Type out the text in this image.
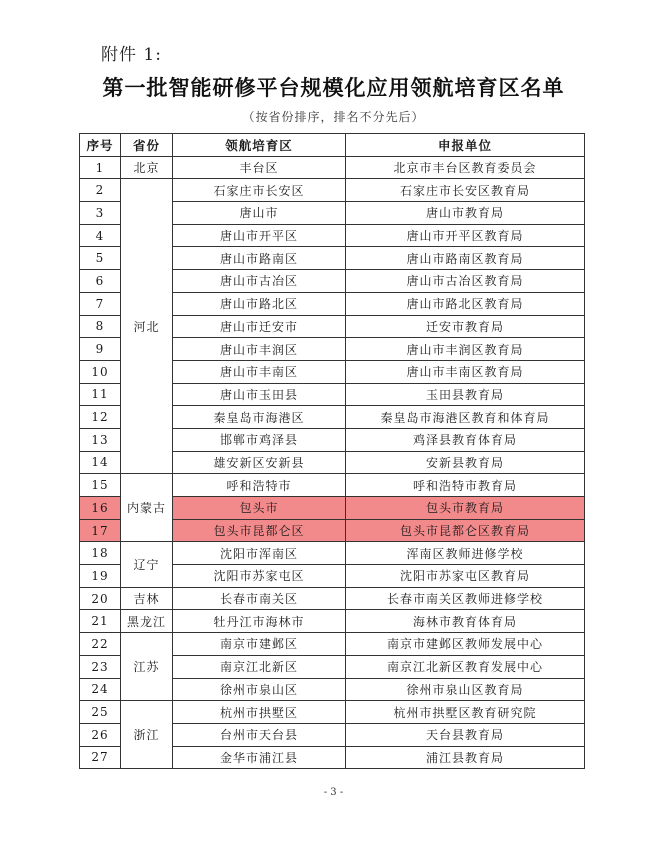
附件 1:
第一批智能研修平台规模化应用领航培育区名单
（按省份排序，排名不分先后）
序号	省份	领航培育区	申报单位
1	北京	丰台区	北京市丰台区教育委员会
2	河北	石家庄市长安区	石家庄市长安区教育局
3		唐山市	唐山市教育局
4		唐山市开平区	唐山市开平区教育局
5		唐山市路南区	唐山市路南区教育局
6		唐山市古冶区	唐山市古冶区教育局
7		唐山市路北区	唐山市路北区教育局
8		唐山市迁安市	迁安市教育局
9		唐山市丰润区	唐山市丰润区教育局
10		唐山市丰南区	唐山市丰南区教育局
11		唐山市玉田县	玉田县教育局
12		秦皇岛市海港区	秦皇岛市海港区教育和体育局
13		邯郸市鸡泽县	鸡泽县教育体育局
14		雄安新区安新县	安新县教育局
15	内蒙古	呼和浩特市	呼和浩特市教育局
16		包头市	包头市教育局
17		包头市昆都仑区	包头市昆都仑区教育局
18	辽宁	沈阳市浑南区	浑南区教师进修学校
19		沈阳市苏家屯区	沈阳市苏家屯区教育局
20	吉林	长春市南关区	长春市南关区教师进修学校
21	黑龙江	牡丹江市海林市	海林市教育体育局
22	江苏	南京市建邺区	南京市建邺区教师发展中心
23		南京江北新区	南京江北新区教育发展中心
24		徐州市泉山区	徐州市泉山区教育局
25	浙江	杭州市拱墅区	杭州市拱墅区教育研究院
26		台州市天台县	天台县教育局
27		金华市浦江县	浦江县教育局
- 3 -
